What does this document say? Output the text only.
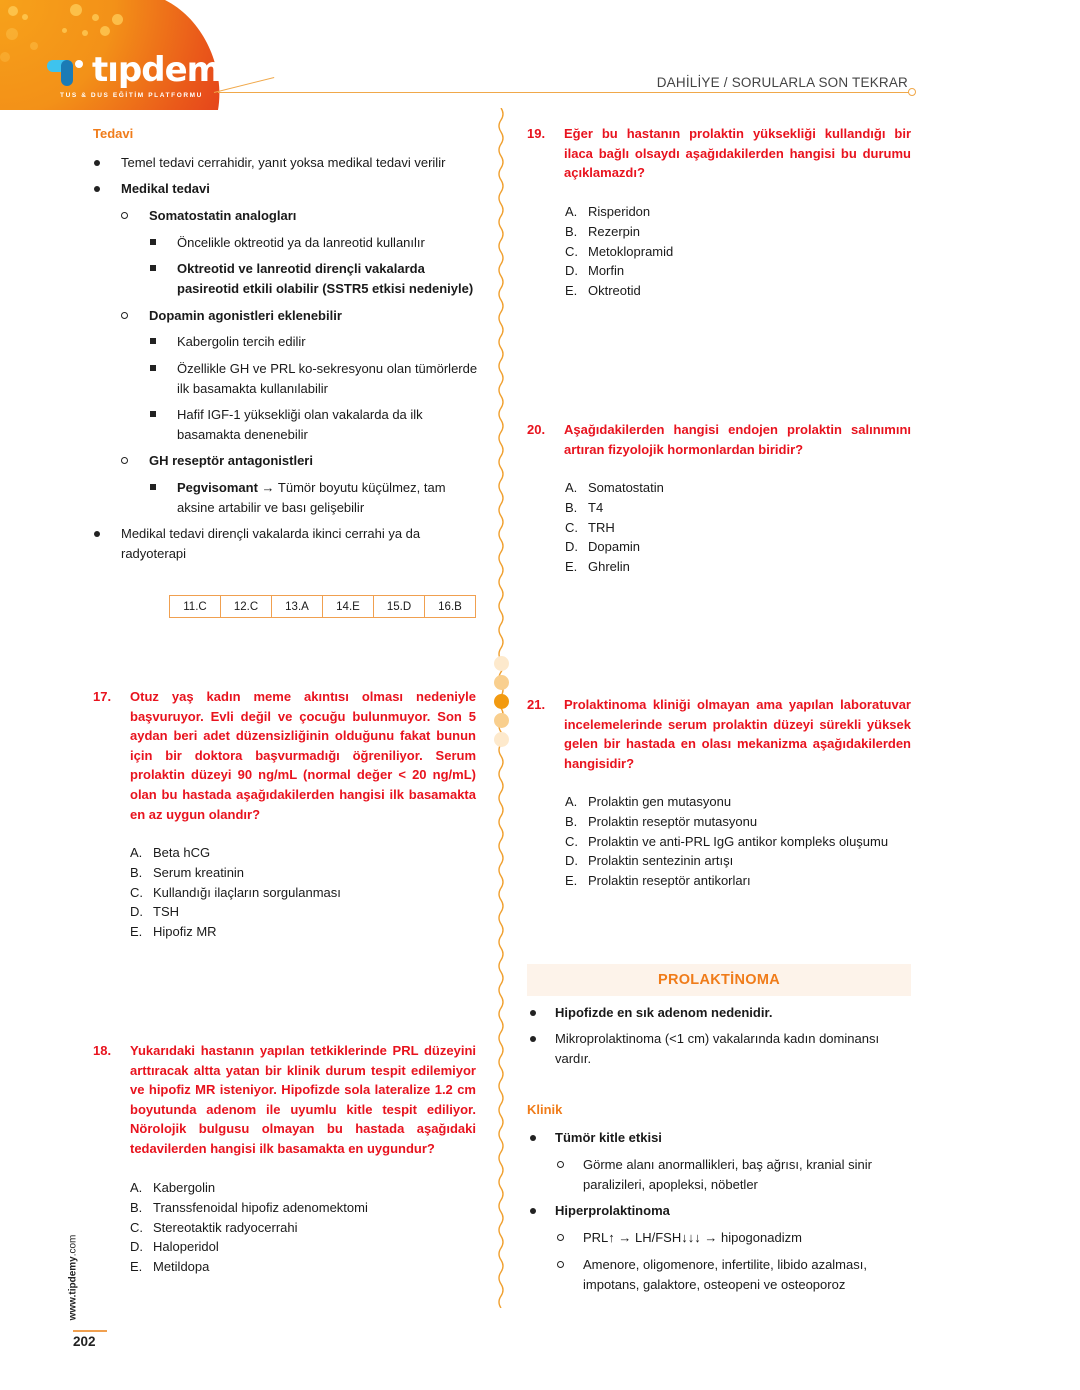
tıpdemy
TUS & DUS EĞİTİM PLATFORMU
DAHİLİYE / SORULARLA SON TEKRAR
Tedavi
Temel tedavi cerrahidir, yanıt yoksa medikal tedavi verilir
Medikal tedavi
Somatostatin analogları
Öncelikle oktreotid ya da lanreotid kullanılır
Oktreotid ve lanreotid dirençli vakalarda pasireotid etkili olabilir (SSTR5 etkisi nedeniyle)
Dopamin agonistleri eklenebilir
Kabergolin tercih edilir
Özellikle GH ve PRL ko-sekresyonu olan tümörlerde ilk basamakta kullanılabilir
Hafif IGF-1 yüksekliği olan vakalarda da ilk basamakta denenebilir
GH reseptör antagonistleri
Pegvisomant → Tümör boyutu küçülmez, tam aksine artabilir ve bası gelişebilir
Medikal tedavi dirençli vakalarda ikinci cerrahi ya da radyoterapi
11.C	12.C	13.A	14.E	15.D	16.B
17. Otuz yaş kadın meme akıntısı olması nedeniyle başvuruyor. Evli değil ve çocuğu bulunmuyor. Son 5 aydan beri adet düzensizliğinin olduğunu fakat bunun için bir doktora başvurmadığı öğreniliyor. Serum prolaktin düzeyi 90 ng/mL (normal değer < 20 ng/mL) olan bu hastada aşağıdakilerden hangisi ilk basamakta en az uygun olandır?
A. Beta hCG
B. Serum kreatinin
C. Kullandığı ilaçların sorgulanması
D. TSH
E. Hipofiz MR
18. Yukarıdaki hastanın yapılan tetkiklerinde PRL düzeyini arttıracak altta yatan bir klinik durum tespit edilemiyor ve hipofiz MR isteniyor. Hipofizde sola lateralize 1.2 cm boyutunda adenom ile uyumlu kitle tespit ediliyor. Nörolojik bulgusu olmayan bu hastada aşağıdaki tedavilerden hangisi ilk basamakta en uygundur?
A. Kabergolin
B. Transsfenoidal hipofiz adenomektomi
C. Stereotaktik radyocerrahi
D. Haloperidol
E. Metildopa
19. Eğer bu hastanın prolaktin yüksekliği kullandığı bir ilaca bağlı olsaydı aşağıdakilerden hangisi bu durumu açıklamazdı?
A. Risperidon
B. Rezerpin
C. Metoklopramid
D. Morfin
E. Oktreotid
20. Aşağıdakilerden hangisi endojen prolaktin salınımını artıran fizyolojik hormonlardan biridir?
A. Somatostatin
B. T4
C. TRH
D. Dopamin
E. Ghrelin
21. Prolaktinoma kliniği olmayan ama yapılan laboratuvar incelemelerinde serum prolaktin düzeyi sürekli yüksek gelen bir hastada en olası mekanizma aşağıdakilerden hangisidir?
A. Prolaktin gen mutasyonu
B. Prolaktin reseptör mutasyonu
C. Prolaktin ve anti-PRL IgG antikor kompleks oluşumu
D. Prolaktin sentezinin artışı
E. Prolaktin reseptör antikorları
PROLAKTİNOMA
Hipofizde en sık adenom nedenidir.
Mikroprolaktinoma (<1 cm) vakalarında kadın dominansı vardır.
Tümör kitle etkisi
Görme alanı anormallikleri, baş ağrısı, kranial sinir paralizileri, apopleksi, nöbetler
Hiperprolaktinoma
PRL↑ → LH/FSH↓↓↓ → hipogonadizm
Amenore, oligomenore, infertilite, libido azalması, impotans, galaktore, osteopeni ve osteoporoz
Klinik
www.tipdemy.com
202
